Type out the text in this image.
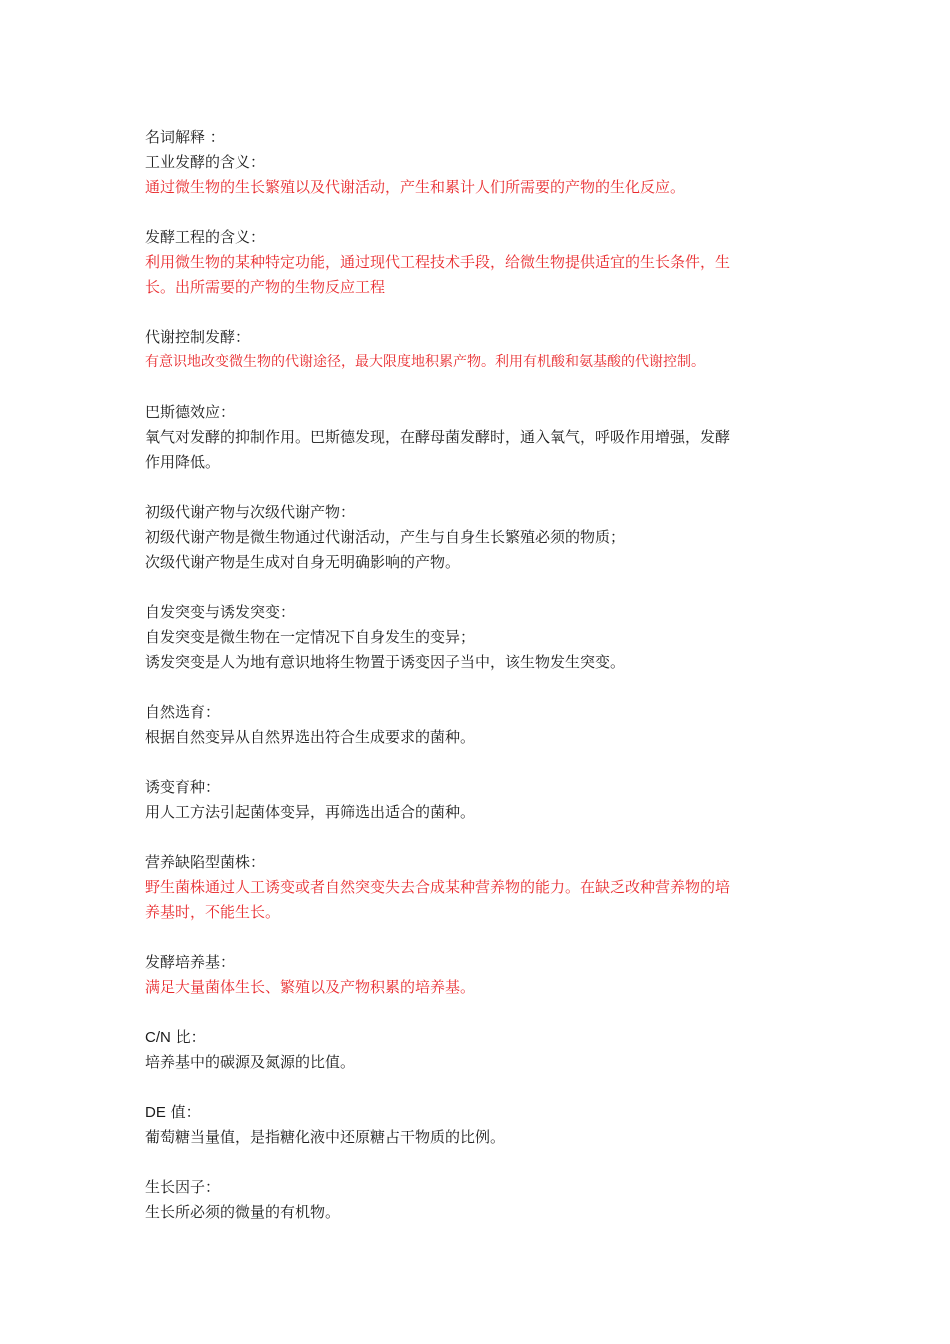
名词解释 ：

工业发酵的含义：

通过微生物的生长繁殖以及代谢活动，产生和累计人们所需要的产物的生化反应。

发酵工程的含义：

利用微生物的某种特定功能，通过现代工程技术手段，给微生物提供适宜的生长条件，生

长。出所需要的产物的生物反应工程

代谢控制发酵：

有意识地改变微生物的代谢途径，最大限度地积累产物。利用有机酸和氨基酸的代谢控制。

巴斯德效应：

氧气对发酵的抑制作用。巴斯德发现，在酵母菌发酵时，通入氧气，呼吸作用增强，发酵

作用降低。

初级代谢产物与次级代谢产物：

初级代谢产物是微生物通过代谢活动，产生与自身生长繁殖必须的物质；

次级代谢产物是生成对自身无明确影响的产物。

自发突变与诱发突变：

自发突变是微生物在一定情况下自身发生的变异；

诱发突变是人为地有意识地将生物置于诱变因子当中，该生物发生突变。

自然选育：

根据自然变异从自然界选出符合生成要求的菌种。

诱变育种：

用人工方法引起菌体变异，再筛选出适合的菌种。

营养缺陷型菌株：

野生菌株通过人工诱变或者自然突变失去合成某种营养物的能力。在缺乏改种营养物的培

养基时，不能生长。

发酵培养基：

满足大量菌体生长、繁殖以及产物积累的培养基。

C/N 比：

培养基中的碳源及氮源的比值。

DE 值：

葡萄糖当量值，是指糖化液中还原糖占干物质的比例。

生长因子：

生长所必须的微量的有机物。
